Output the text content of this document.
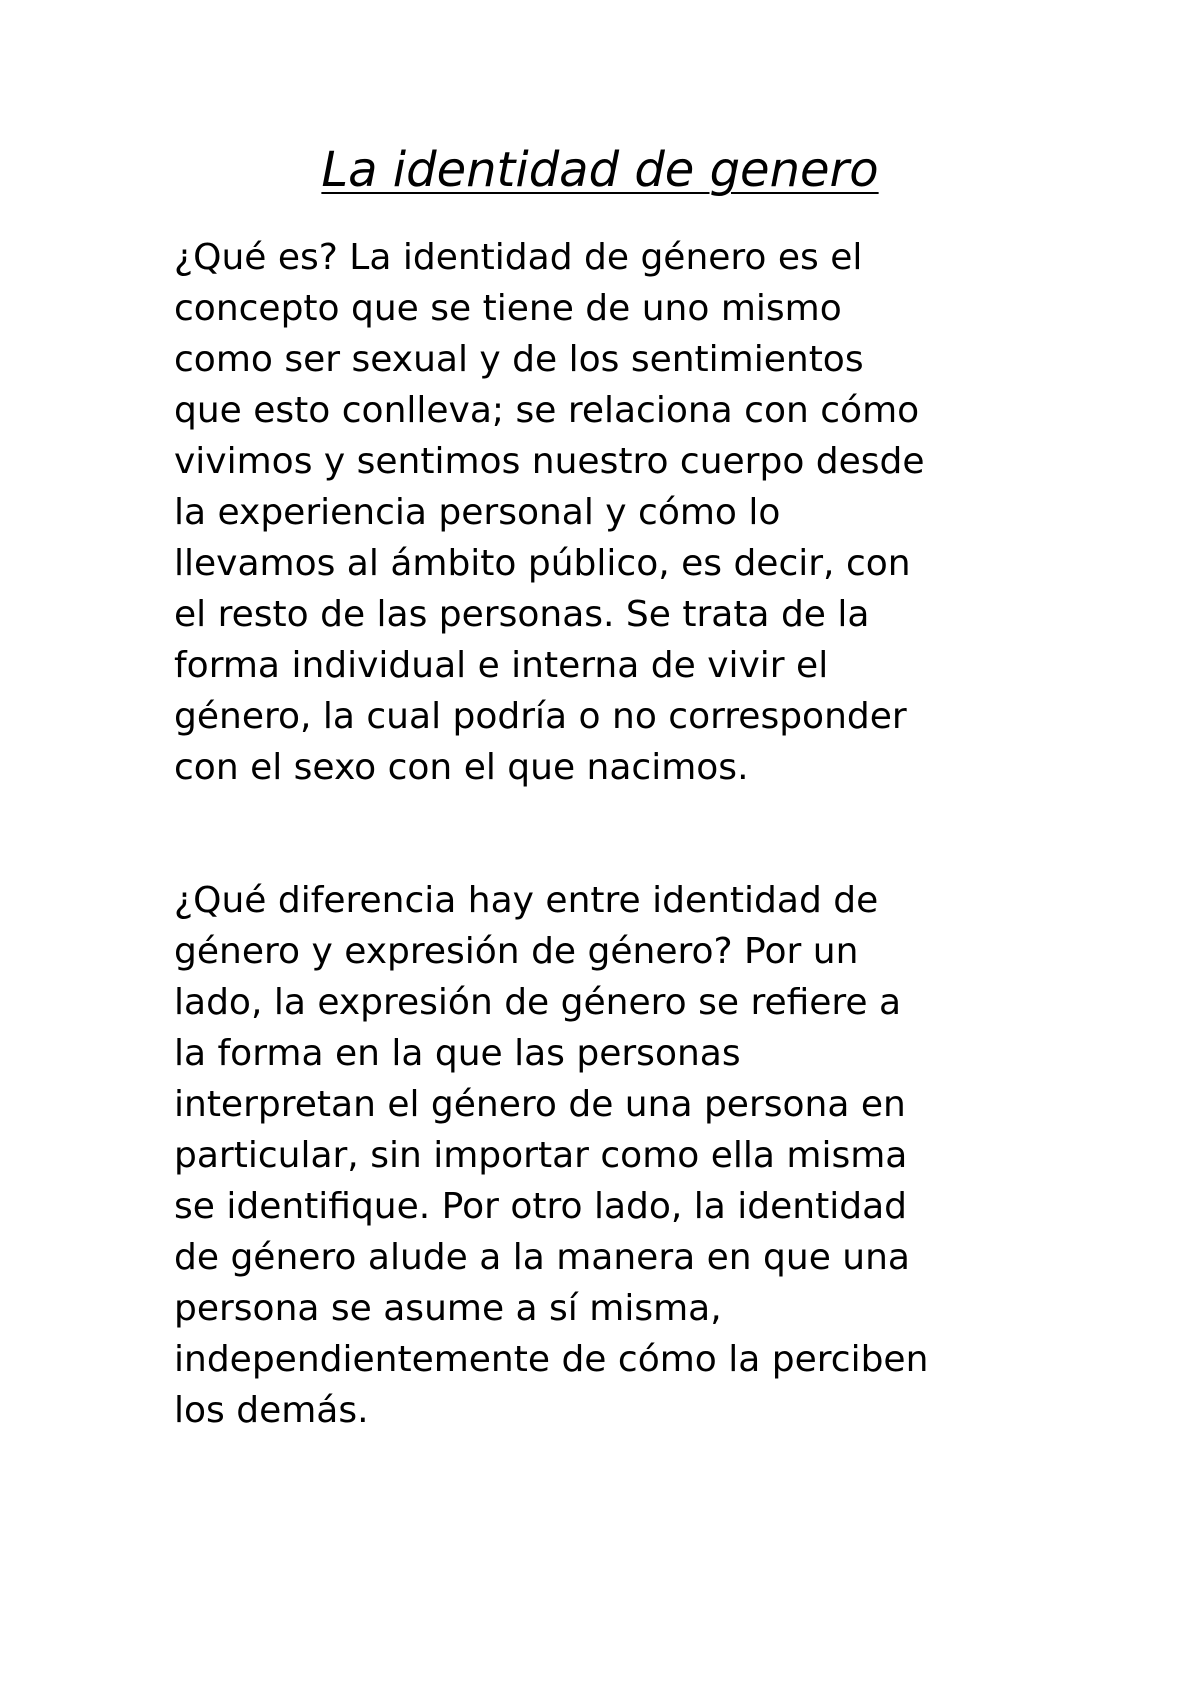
La identidad de genero

¿Qué es? La identidad de género es el
concepto que se tiene de uno mismo
como ser sexual y de los sentimientos
que esto conlleva; se relaciona con cómo
vivimos y sentimos nuestro cuerpo desde
la experiencia personal y cómo lo
llevamos al ámbito público, es decir, con
el resto de las personas. Se trata de la
forma individual e interna de vivir el
género, la cual podría o no corresponder
con el sexo con el que nacimos.

¿Qué diferencia hay entre identidad de
género y expresión de género? Por un
lado, la expresión de género se refiere a
la forma en la que las personas
interpretan el género de una persona en
particular, sin importar como ella misma
se identifique. Por otro lado, la identidad
de género alude a la manera en que una
persona se asume a sí misma,
independientemente de cómo la perciben
los demás.
